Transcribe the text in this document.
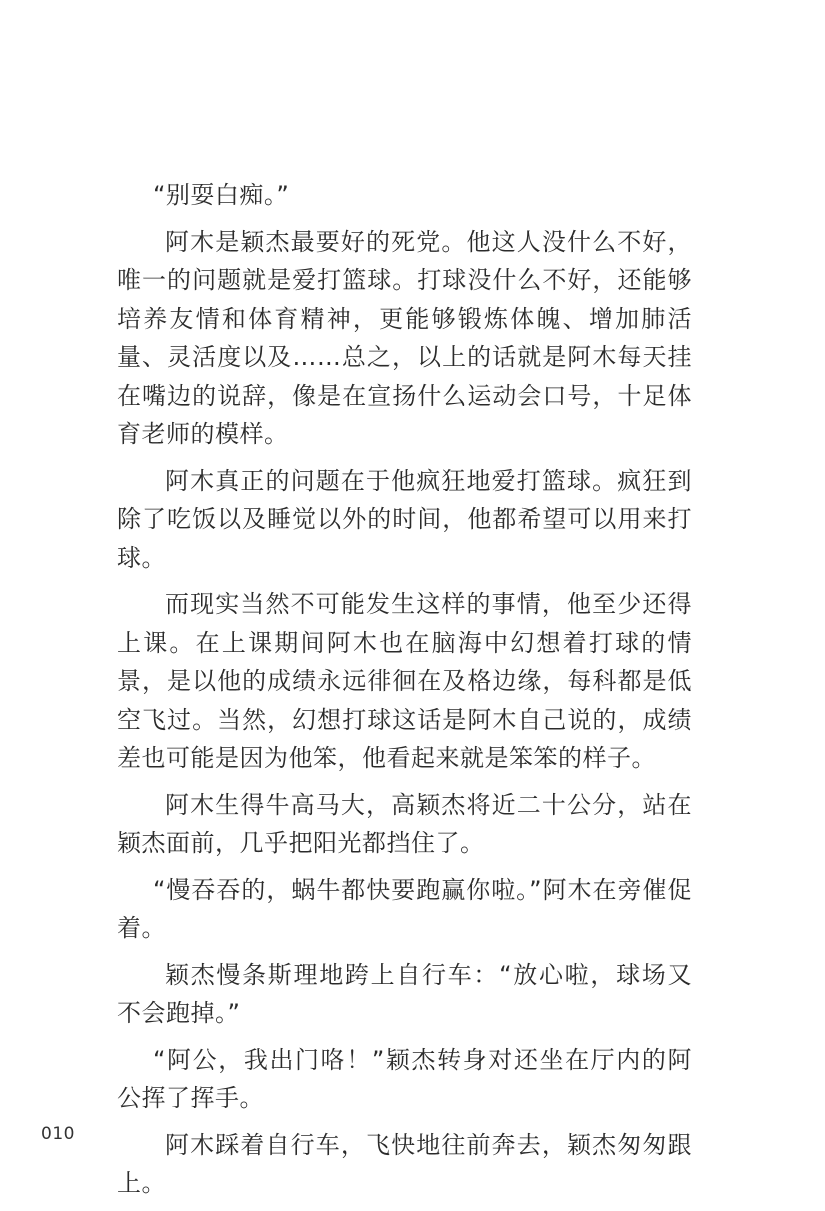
“别耍白痴。”

阿木是颖杰最要好的死党。他这人没什么不好，唯一的问题就是爱打篮球。打球没什么不好，还能够培养友情和体育精神，更能够锻炼体魄、增加肺活量、灵活度以及……总之，以上的话就是阿木每天挂在嘴边的说辞，像是在宣扬什么运动会口号，十足体育老师的模样。

阿木真正的问题在于他疯狂地爱打篮球。疯狂到除了吃饭以及睡觉以外的时间，他都希望可以用来打球。

而现实当然不可能发生这样的事情，他至少还得上课。在上课期间阿木也在脑海中幻想着打球的情景，是以他的成绩永远徘徊在及格边缘，每科都是低空飞过。当然，幻想打球这话是阿木自己说的，成绩差也可能是因为他笨，他看起来就是笨笨的样子。

阿木生得牛高马大，高颖杰将近二十公分，站在颖杰面前，几乎把阳光都挡住了。

“慢吞吞的，蜗牛都快要跑赢你啦。”阿木在旁催促着。

颖杰慢条斯理地跨上自行车：“放心啦，球场又不会跑掉。”

“阿公，我出门咯！”颖杰转身对还坐在厅内的阿公挥了挥手。

阿木踩着自行车，飞快地往前奔去，颖杰匆匆跟上。

010
